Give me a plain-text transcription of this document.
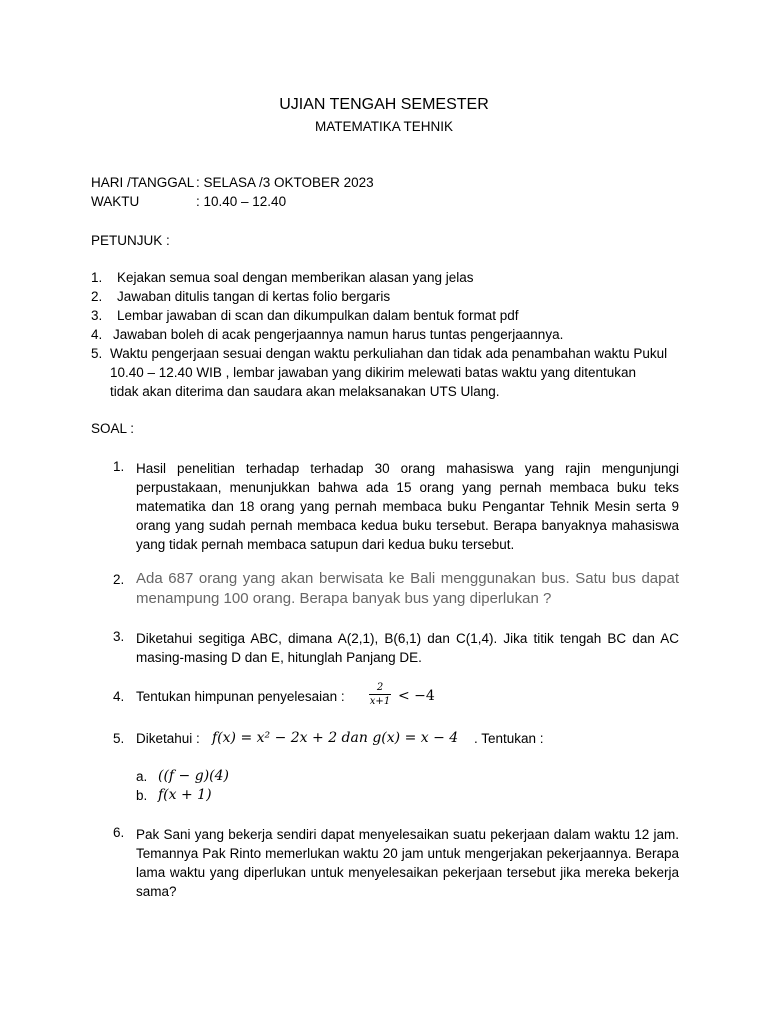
UJIAN TENGAH SEMESTER
MATEMATIKA TEHNIK
HARI /TANGGAL : SELASA /3 OKTOBER 2023
WAKTU	: 10.40 – 12.40
PETUNJUK :
1. Kejakan semua soal dengan memberikan alasan yang jelas
2. Jawaban ditulis tangan di kertas folio bergaris
3. Lembar jawaban di scan dan dikumpulkan dalam bentuk format pdf
4. Jawaban boleh di acak pengerjaannya namun harus tuntas pengerjaannya.
5. Waktu pengerjaan sesuai dengan waktu perkuliahan dan tidak ada penambahan waktu Pukul
10.40 – 12.40 WIB , lembar jawaban yang dikirim melewati batas waktu yang ditentukan
tidak akan diterima dan saudara akan melaksanakan UTS Ulang.
SOAL :
1. Hasil penelitian terhadap terhadap 30 orang mahasiswa yang rajin mengunjungi perpustakaan, menunjukkan bahwa ada 15 orang yang pernah membaca buku teks matematika dan 18 orang yang pernah membaca buku Pengantar Tehnik Mesin serta 9 orang yang sudah pernah membaca kedua buku tersebut. Berapa banyaknya mahasiswa yang tidak pernah membaca satupun dari kedua buku tersebut.
2. Ada 687 orang yang akan berwisata ke Bali menggunakan bus. Satu bus dapat menampung 100 orang. Berapa banyak bus yang diperlukan ?
3. Diketahui segitiga ABC, dimana A(2,1), B(6,1) dan C(1,4). Jika titik tengah BC dan AC masing-masing D dan E, hitunglah Panjang DE.
4. Tentukan himpunan penyelesaian :
2
x+1 < −4
5. Diketahui : f(x) = x² − 2x + 2 dan g(x) = x − 4 . Tentukan :
a. ((f − g)(4)
b. f(x + 1)
6. Pak Sani yang bekerja sendiri dapat menyelesaikan suatu pekerjaan dalam waktu 12 jam. Temannya Pak Rinto memerlukan waktu 20 jam untuk mengerjakan pekerjaannya. Berapa lama waktu yang diperlukan untuk menyelesaikan pekerjaan tersebut jika mereka bekerja sama?
